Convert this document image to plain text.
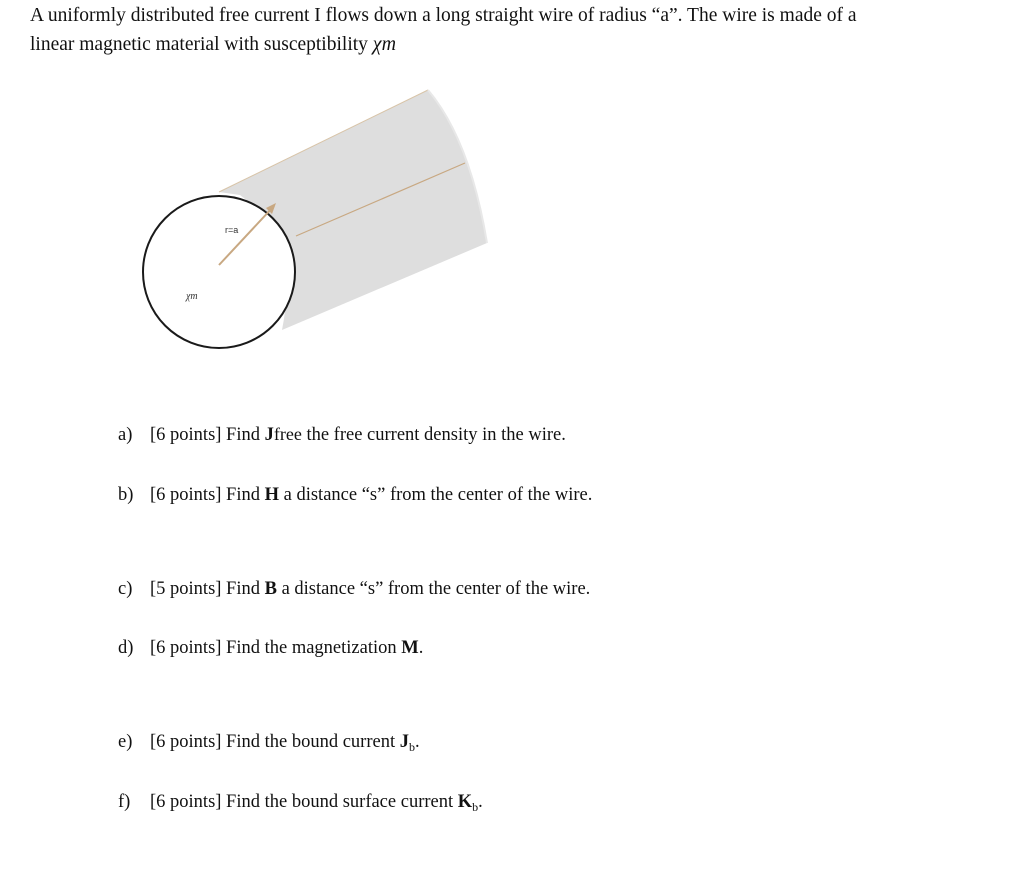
A uniformly distributed free current I flows down a long straight wire of radius “a”. The wire is made of a
linear magnetic material with susceptibility χm
r=a
χm
a) [6 points] Find Jfree the free current density in the wire.
b) [6 points] Find H a distance “s” from the center of the wire.
c) [5 points] Find B a distance “s” from the center of the wire.
d) [6 points] Find the magnetization M.
e) [6 points] Find the bound current $J_b$.
f) [6 points] Find the bound surface current $K_b$.
